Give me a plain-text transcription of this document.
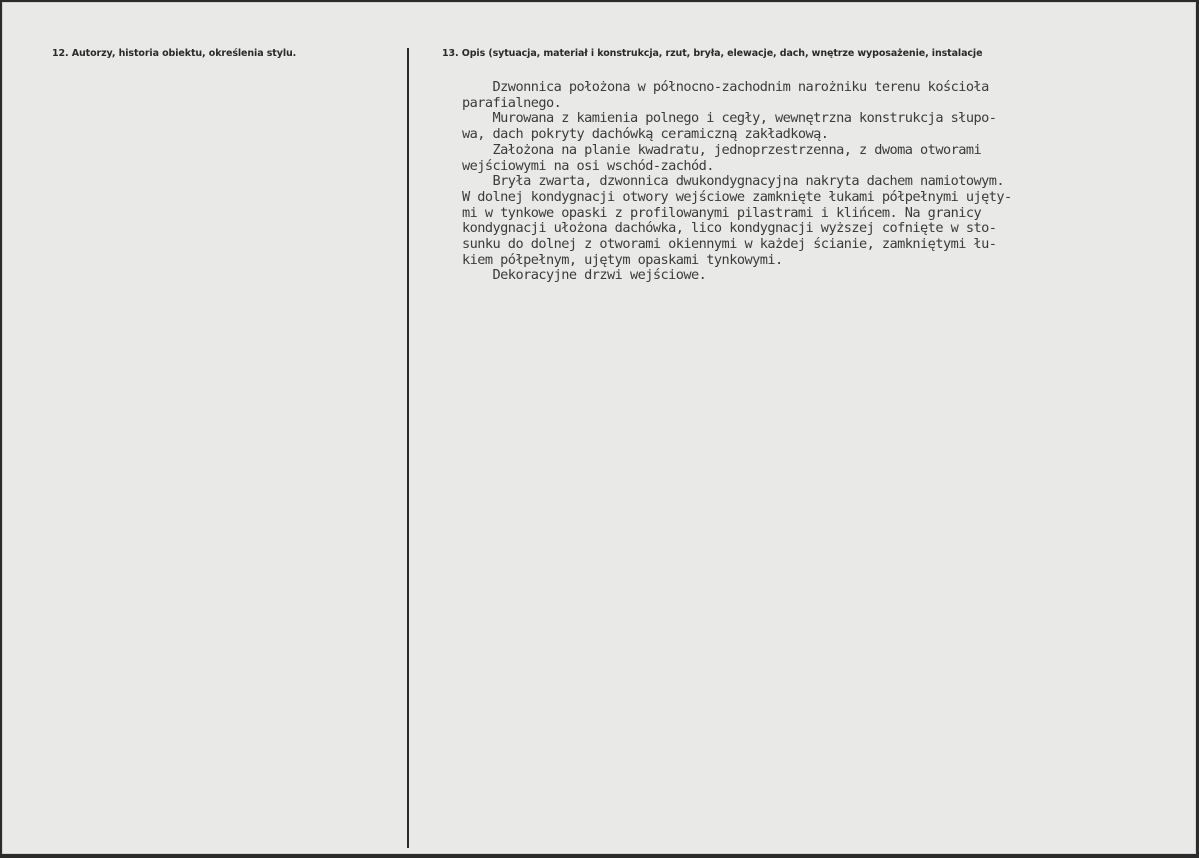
12. Autorzy, historia obiektu, określenia stylu.	13. Opis (sytuacja, materiał i konstrukcja, rzut, bryła, elewacje, dach, wnętrze wyposażenie, instalacje
Dzwonnica położona w północno-zachodnim narożniku terenu kościoła
parafialnego.
Murowana z kamienia polnego i cegły, wewnętrzna konstrukcja słupo-
wa, dach pokryty dachówką ceramiczną zakładkową.
Założona na planie kwadratu, jednoprzestrzenna, z dwoma otworami
wejściowymi na osi wschód-zachód.
Bryła zwarta, dzwonnica dwukondygnacyjna nakryta dachem namiotowym.
W dolnej kondygnacji otwory wejściowe zamknięte łukami półpełnymi ujęty-
mi w tynkowe opaski z profilowanymi pilastrami i klińcem. Na granicy
kondygnacji ułożona dachówka, lico kondygnacji wyższej cofnięte w sto-
sunku do dolnej z otworami okiennymi w każdej ścianie, zamkniętymi łu-
kiem półpełnym, ujętym opaskami tynkowymi.
Dekoracyjne drzwi wejściowe.
